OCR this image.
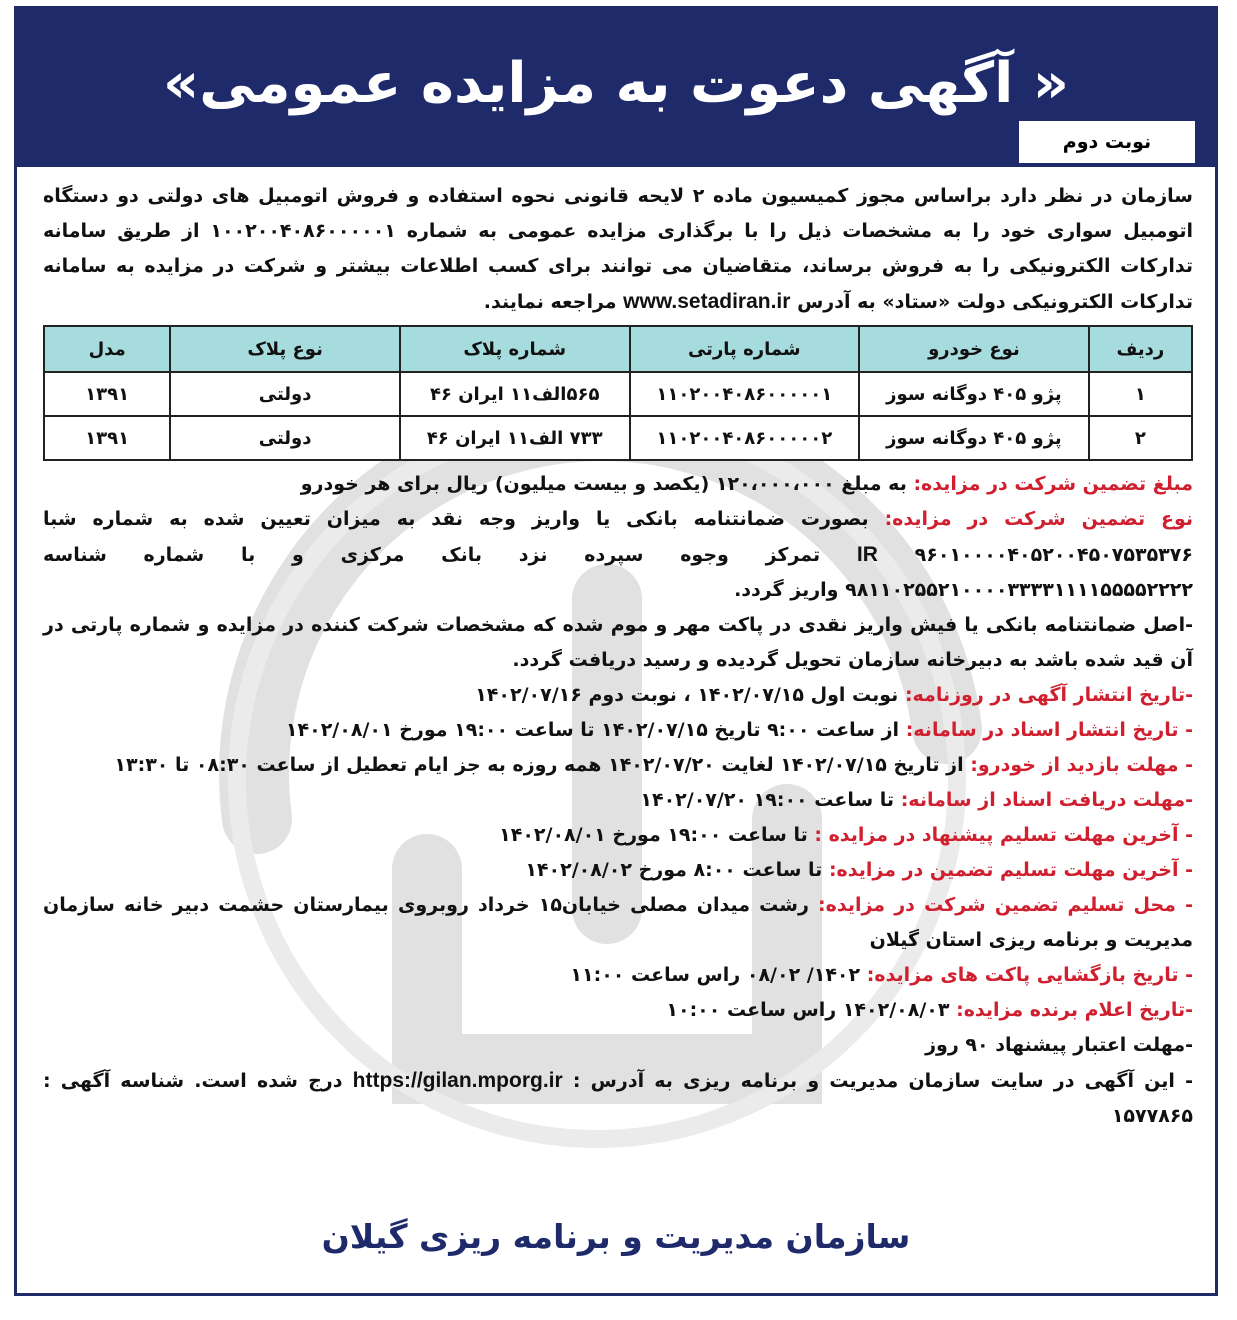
« آگهی دعوت به مزایده عمومی»
نوبت دوم

سازمان در نظر دارد براساس مجوز کمیسیون ماده ۲ لایحه قانونی نحوه استفاده و فروش اتومبیل های دولتی دو دستگاه اتومبیل سواری خود را به مشخصات ذیل را با برگذاری مزایده عمومی به شماره ۱۰۰۲۰۰۴۰۸۶۰۰۰۰۰۱ از طریق سامانه تدارکات الکترونیکی را به فروش برساند، متقاضیان می توانند برای کسب اطلاعات بیشتر و شرکت در مزایده به سامانه تدارکات الکترونیکی دولت «ستاد» به آدرس www.setadiran.ir مراجعه نمایند.

ردیف	نوع خودرو	شماره پارتی	شماره پلاک	نوع پلاک	مدل
۱	پژو ۴۰۵ دوگانه سوز	۱۱۰۲۰۰۴۰۸۶۰۰۰۰۰۱	۵۶۵الف۱۱ ایران ۴۶	دولتی	۱۳۹۱
۲	پژو ۴۰۵ دوگانه سوز	۱۱۰۲۰۰۴۰۸۶۰۰۰۰۰۲	۷۳۳ الف۱۱ ایران ۴۶	دولتی	۱۳۹۱

مبلغ تضمین شرکت در مزایده: به مبلغ ۱۲۰،۰۰۰،۰۰۰ (یکصد و بیست میلیون) ریال برای هر خودرو

نوع تضمین شرکت در مزایده: بصورت ضمانتنامه بانکی یا واریز وجه نقد به میزان تعیین شده به شماره شبا ۹۶۰۱۰۰۰۰۴۰۵۲۰۰۴۵۰۷۵۳۵۳۷۶ IR تمرکز وجوه سپرده نزد بانک مرکزی و با شماره شناسه ۹۸۱۱۰۲۵۵۲۱۰۰۰۰۳۳۳۳۱۱۱۱۵۵۵۵۲۲۲۲ واریز گردد.

-اصل ضمانتنامه بانکی یا فیش واریز نقدی در پاکت مهر و موم شده که مشخصات شرکت کننده در مزایده و شماره پارتی در آن قید شده باشد به دبیرخانه سازمان تحویل گردیده و رسید دریافت گردد.

-تاریخ انتشار آگهی در روزنامه: نوبت اول ۱۴۰۲/۰۷/۱۵ ، نوبت دوم ۱۴۰۲/۰۷/۱۶

- تاریخ انتشار اسناد در سامانه: از ساعت ۹:۰۰ تاریخ ۱۴۰۲/۰۷/۱۵ تا ساعت ۱۹:۰۰ مورخ ۱۴۰۲/۰۸/۰۱

- مهلت بازدید از خودرو: از تاریخ ۱۴۰۲/۰۷/۱۵ لغایت ۱۴۰۲/۰۷/۲۰ همه روزه به جز ایام تعطیل از ساعت ۰۸:۳۰ تا ۱۳:۳۰

-مهلت دریافت اسناد از سامانه: تا ساعت ۱۹:۰۰ ۱۴۰۲/۰۷/۲۰

- آخرین مهلت تسلیم پیشنهاد در مزایده : تا ساعت ۱۹:۰۰ مورخ ۱۴۰۲/۰۸/۰۱

- آخرین مهلت تسلیم تضمین در مزایده: تا ساعت ۸:۰۰ مورخ ۱۴۰۲/۰۸/۰۲

- محل تسلیم تضمین شرکت در مزایده: رشت میدان مصلی خیابان۱۵ خرداد روبروی بیمارستان حشمت دبیر خانه سازمان مدیریت و برنامه ریزی استان گیلان

- تاریخ بازگشایی پاکت های مزایده: ۱۴۰۲/ ۰۸/۰۲ راس ساعت ۱۱:۰۰

-تاریخ اعلام برنده مزایده: ۱۴۰۲/۰۸/۰۳ راس ساعت ۱۰:۰۰

-مهلت اعتبار پیشنهاد ۹۰ روز

- این آگهی در سایت سازمان مدیریت و برنامه ریزی به آدرس : https://gilan.mporg.ir درج شده است. شناسه آگهی : ۱۵۷۷۸۶۵

سازمان مدیریت و برنامه ریزی گیلان
